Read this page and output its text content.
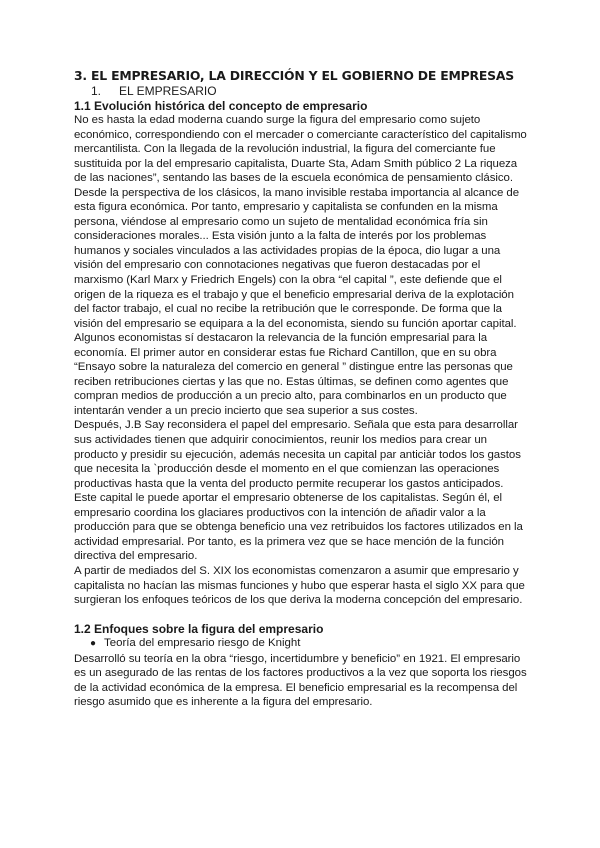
3. EL EMPRESARIO, LA DIRECCIÓN Y EL GOBIERNO DE EMPRESAS
1. EL EMPRESARIO
1.1 Evolución histórica del concepto de empresario

No es hasta la edad moderna cuando surge la figura del empresario como sujeto económico, correspondiendo con el mercader o comerciante característico del capitalismo mercantilista. Con la llegada de la revolución industrial, la figura del comerciante fue sustituida por la del empresario capitalista, Duarte Sta, Adam Smith público 2 La riqueza de las naciones”, sentando las bases de la escuela económica de pensamiento clásico.

Desde la perspectiva de los clásicos, la mano invisible restaba importancia al alcance de esta figura económica. Por tanto, empresario y capitalista se confunden en la misma persona, viéndose al empresario como un sujeto de mentalidad económica fría sin consideraciones morales... Esta visión junto a la falta de interés por los problemas humanos y sociales vinculados a las actividades propias de la época, dio lugar a una visión del empresario con connotaciones negativas que fueron destacadas por el marxismo (Karl Marx y Friedrich Engels) con la obra “el capital ”, este defiende que el origen de la riqueza es el trabajo y que el beneficio empresarial deriva de la explotación del factor trabajo, el cual no recibe la retribución que le corresponde. De forma que la visión del empresario se equipara a la del economista, siendo su función aportar capital.

Algunos economistas sí destacaron la relevancia de la función empresarial para la economía. El primer autor en considerar estas fue Richard Cantillon, que en su obra “Ensayo sobre la naturaleza del comercio en general ” distingue entre las personas que reciben retribuciones ciertas y las que no. Estas últimas, se definen como agentes que compran medios de producción a un precio alto, para combinarlos en un producto que intentarán vender a un precio incierto que sea superior a sus costes.

Después, J.B Say reconsidera el papel del empresario. Señala que esta para desarrollar sus actividades tienen que adquirir conocimientos, reunir los medios para crear un producto y presidir su ejecución, además necesita un capital par anticiàr todos los gastos que necesita la `producción desde el momento en el que comienzan las operaciones productivas hasta que la venta del producto permite recuperar los gastos anticipados. Este capital le puede aportar el empresario obtenerse de los capitalistas. Según él, el empresario coordina los glaciares productivos con la intención de añadir valor a la producción para que se obtenga beneficio una vez retribuidos los factores utilizados en la actividad empresarial. Por tanto, es la primera vez que se hace mención de la función directiva del empresario.

A partir de mediados del S. XIX los economistas comenzaron a asumir que empresario y capitalista no hacían las mismas funciones y hubo que esperar hasta el siglo XX para que surgieran los enfoques teóricos de los que deriva la moderna concepción del empresario.

1.2 Enfoques sobre la figura del empresario
● Teoría del empresario riesgo de Knight

Desarrolló su teoría en la obra “riesgo, incertidumbre y beneficio” en 1921. El empresario es un asegurado de las rentas de los factores productivos a la vez que soporta los riesgos de la actividad económica de la empresa. El beneficio empresarial es la recompensa del riesgo asumido que es inherente a la figura del empresario.
